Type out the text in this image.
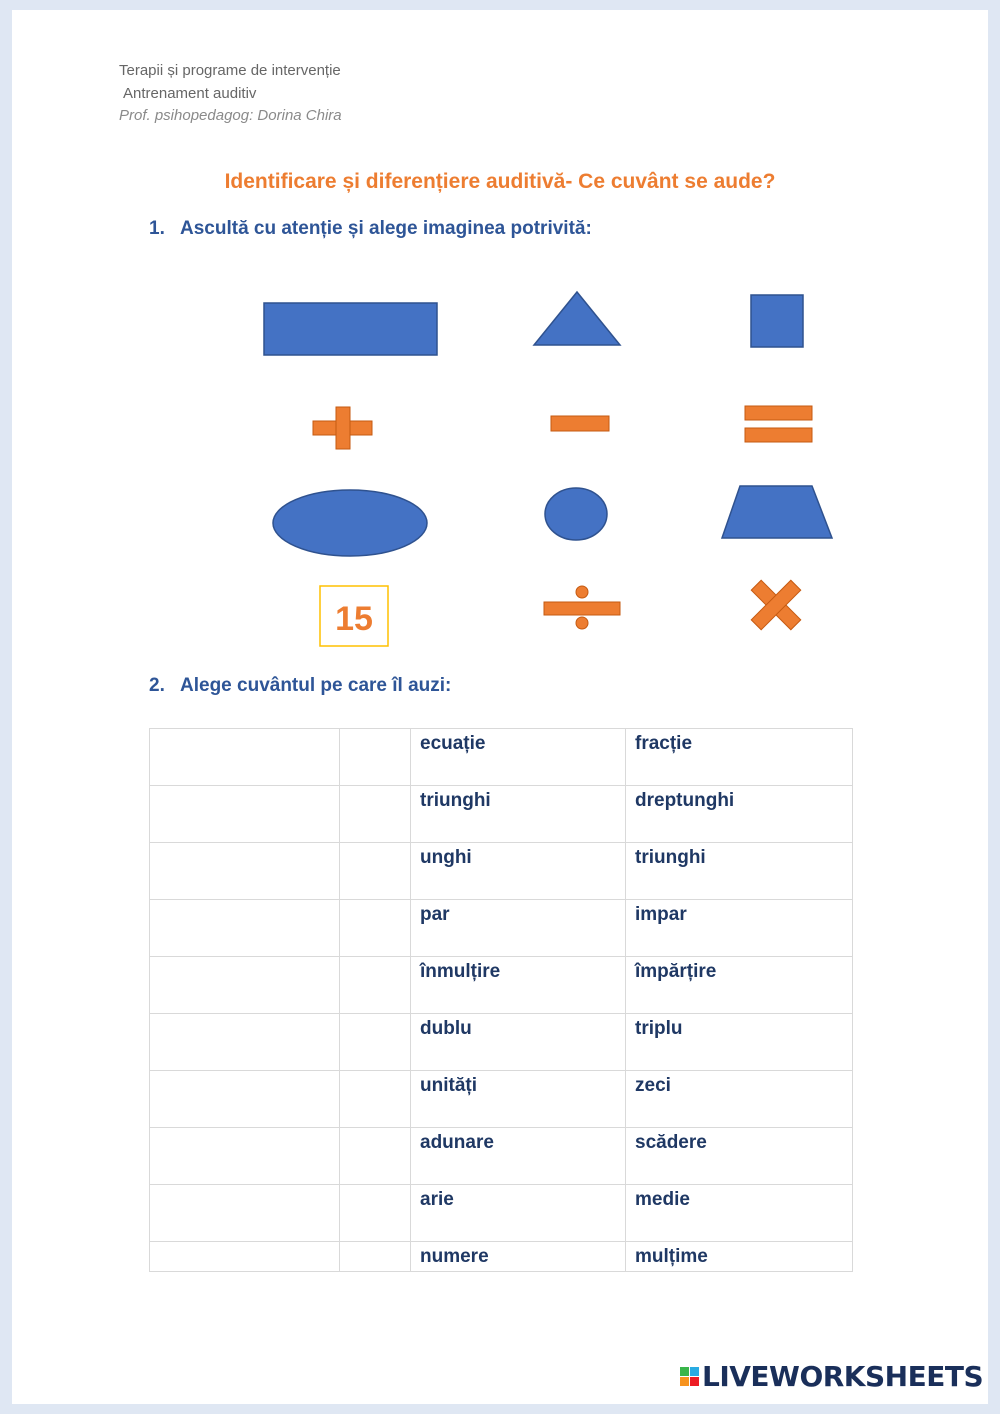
Terapii și programe de intervenție
Antrenament auditiv
Prof. psihopedagog: Dorina Chira
Identificare și diferențiere auditivă- Ce cuvânt se aude?
1. Ascultă cu atenție și alege imaginea potrivită:
15
2. Alege cuvântul pe care îl auzi:
		ecuație	fracție
		triunghi	dreptunghi
		unghi	triunghi
		par	impar
		înmulțire	împărțire
		dublu	triplu
		unități	zeci
		adunare	scădere
		arie	medie
		numere	mulțime
LIVEWORKSHEETS
